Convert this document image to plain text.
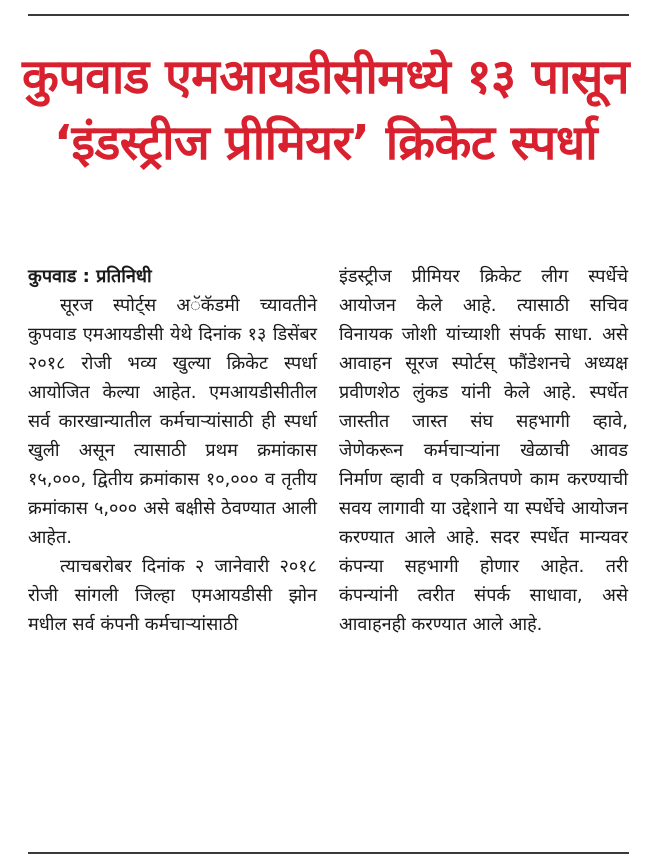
कुपवाड एमआयडीसीमध्ये १३ पासून
‘इंडस्ट्रीज प्रीमियर’ क्रिकेट स्पर्धा

कुपवाड : प्रतिनिधी

सूरज स्पोर्ट्‌स अॅकॅडमी च्यावतीने कुपवाड एमआयडीसी येथे दिनांक १३ डिसेंबर २०१८ रोजी भव्य खुल्या क्रिकेट स्पर्धा आयोजित केल्या आहेत. एमआयडीसीतील सर्व कारखान्यातील कर्मचाऱ्यांसाठी ही स्पर्धा खुली असून त्यासाठी प्रथम क्रमांकास १५,०००, द्वितीय क्रमांकास १०,००० व तृतीय क्रमांकास ५,००० असे बक्षीसे ठेवण्यात आली आहेत.

त्याचबरोबर दिनांक २ जानेवारी २०१८ रोजी सांगली जिल्हा एमआयडीसी झोन मधील सर्व कंपनी कर्मचाऱ्यांसाठी

इंडस्ट्रीज प्रीमियर क्रिकेट लीग स्पर्धेचे आयोजन केले आहे. त्यासाठी सचिव विनायक जोशी यांच्याशी संपर्क साधा. असे आवाहन सूरज स्पोर्टस्‌ फौंडेशनचे अध्यक्ष प्रवीणशेठ लुंकड यांनी केले आहे. स्पर्धेत जास्तीत जास्त संघ सहभागी व्हावे, जेणेकरून कर्मचाऱ्यांना खेळाची आवड निर्माण व्हावी व एकत्रितपणे काम करण्याची सवय लागावी या उद्देशाने या स्पर्धेचे आयोजन करण्यात आले आहे. सदर स्पर्धेत मान्यवर कंपन्या सहभागी होणार आहेत. तरी कंपन्यांनी त्वरीत संपर्क साधावा, असे आवाहनही करण्यात आले आहे.
